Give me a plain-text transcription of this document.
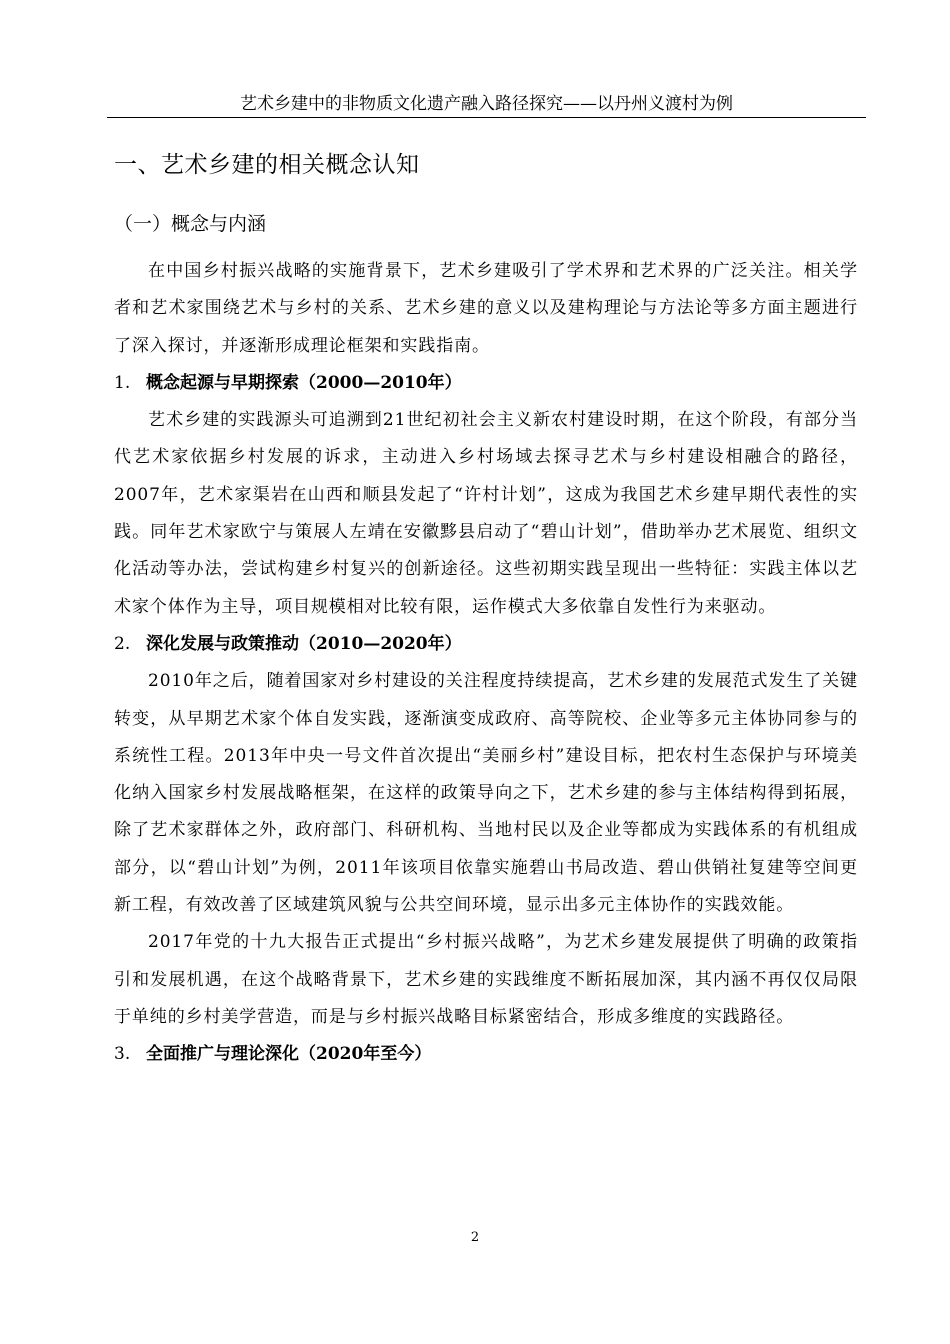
艺术乡建中的非物质文化遗产融入路径探究——以丹州义渡村为例
一、艺术乡建的相关概念认知
（一）概念与内涵

在中国乡村振兴战略的实施背景下，艺术乡建吸引了学术界和艺术界的广泛关注。相关学者和艺术家围绕艺术与乡村的关系、艺术乡建的意义以及建构理论与方法论等多方面主题进行了深入探讨，并逐渐形成理论框架和实践指南。

1. 概念起源与早期探索（2000—2010年）

艺术乡建的实践源头可追溯到21世纪初社会主义新农村建设时期，在这个阶段，有部分当代艺术家依据乡村发展的诉求，主动进入乡村场域去探寻艺术与乡村建设相融合的路径，2007年，艺术家渠岩在山西和顺县发起了“许村计划”，这成为我国艺术乡建早期代表性的实践。同年艺术家欧宁与策展人左靖在安徽黟县启动了“碧山计划”，借助举办艺术展览、组织文化活动等办法，尝试构建乡村复兴的创新途径。这些初期实践呈现出一些特征：实践主体以艺术家个体作为主导，项目规模相对比较有限，运作模式大多依靠自发性行为来驱动。

2. 深化发展与政策推动（2010—2020年）

2010年之后，随着国家对乡村建设的关注程度持续提高，艺术乡建的发展范式发生了关键转变，从早期艺术家个体自发实践，逐渐演变成政府、高等院校、企业等多元主体协同参与的系统性工程。2013年中央一号文件首次提出“美丽乡村”建设目标，把农村生态保护与环境美化纳入国家乡村发展战略框架，在这样的政策导向之下，艺术乡建的参与主体结构得到拓展，除了艺术家群体之外，政府部门、科研机构、当地村民以及企业等都成为实践体系的有机组成部分，以“碧山计划”为例，2011年该项目依靠实施碧山书局改造、碧山供销社复建等空间更新工程，有效改善了区域建筑风貌与公共空间环境，显示出多元主体协作的实践效能。

2017年党的十九大报告正式提出“乡村振兴战略”，为艺术乡建发展提供了明确的政策指引和发展机遇，在这个战略背景下，艺术乡建的实践维度不断拓展加深，其内涵不再仅仅局限于单纯的乡村美学营造，而是与乡村振兴战略目标紧密结合，形成多维度的实践路径。

3. 全面推广与理论深化（2020年至今）
2
